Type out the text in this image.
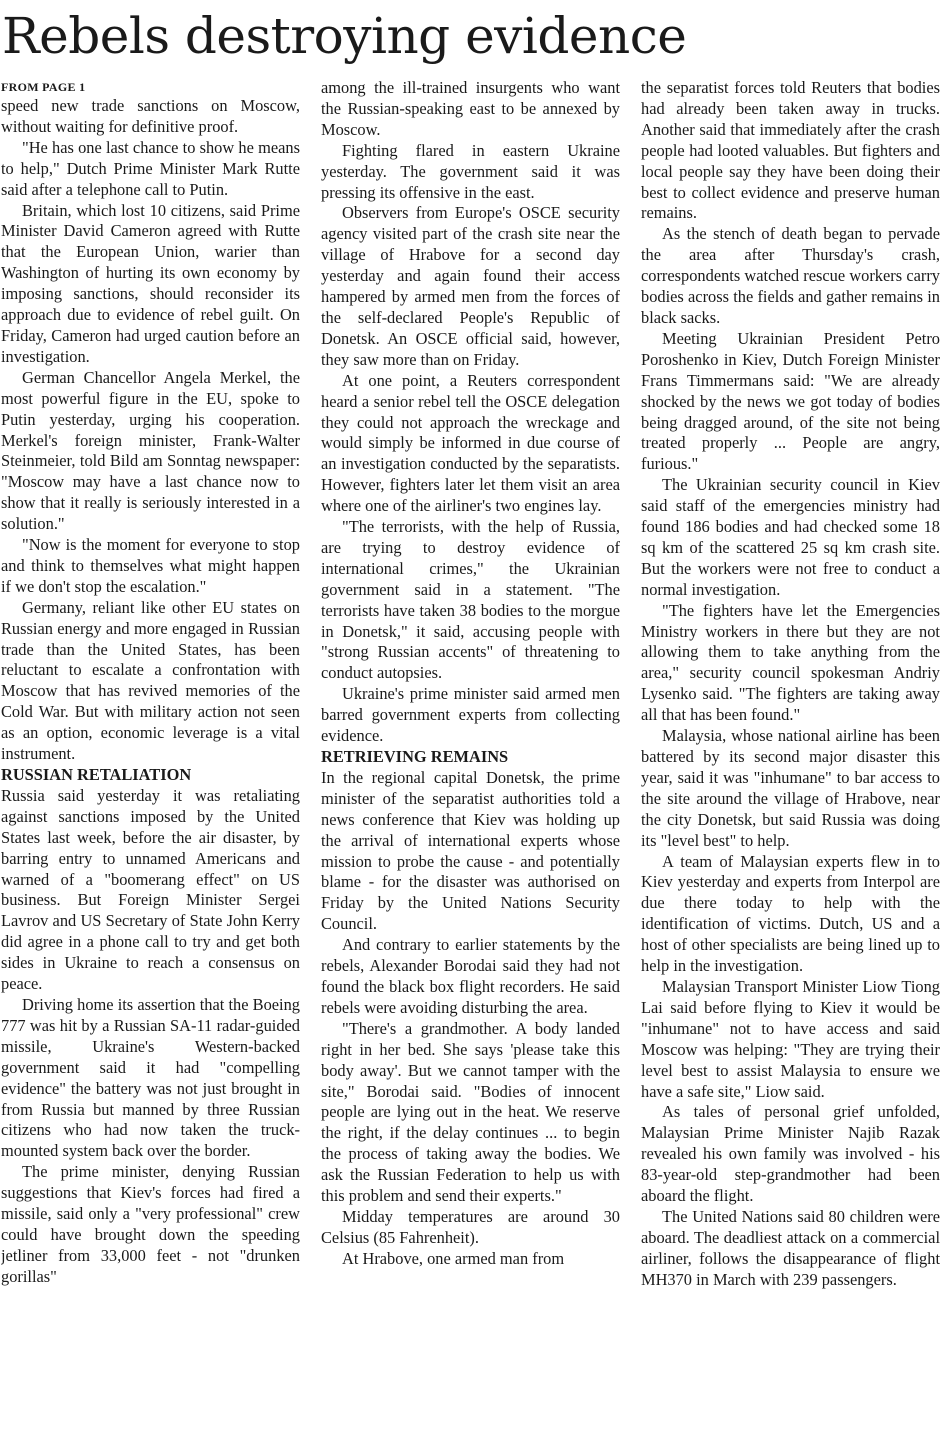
Rebels destroying evidence
FROM PAGE 1

speed new trade sanctions on Moscow, without waiting for definitive proof.

"He has one last chance to show he means to help," Dutch Prime Minister Mark Rutte said after a telephone call to Putin.

Britain, which lost 10 citizens, said Prime Minister David Cameron agreed with Rutte that the European Union, warier than Washington of hurting its own economy by imposing sanctions, should reconsider its approach due to evidence of rebel guilt. On Friday, Cameron had urged caution before an investigation.

German Chancellor Angela Merkel, the most powerful figure in the EU, spoke to Putin yesterday, urging his cooperation. Merkel's foreign minister, Frank-Walter Steinmeier, told Bild am Sonntag newspaper: "Moscow may have a last chance now to show that it really is seriously interested in a solution."

"Now is the moment for everyone to stop and think to themselves what might happen if we don't stop the escalation."

Germany, reliant like other EU states on Russian energy and more engaged in Russian trade than the United States, has been reluctant to escalate a confrontation with Moscow that has revived memories of the Cold War. But with military action not seen as an option, economic leverage is a vital instrument.

RUSSIAN RETALIATION

Russia said yesterday it was retaliating against sanctions imposed by the United States last week, before the air disaster, by barring entry to unnamed Americans and warned of a "boomerang effect" on US business. But Foreign Minister Sergei Lavrov and US Secretary of State John Kerry did agree in a phone call to try and get both sides in Ukraine to reach a consensus on peace.

Driving home its assertion that the Boeing 777 was hit by a Russian SA-11 radar-guided missile, Ukraine's Western-backed government said it had "compelling evidence" the battery was not just brought in from Russia but manned by three Russian citizens who had now taken the truck-mounted system back over the border.

The prime minister, denying Russian suggestions that Kiev's forces had fired a missile, said only a "very professional" crew could have brought down the speeding jetliner from 33,000 feet - not "drunken gorillas"

among the ill-trained insurgents who want the Russian-speaking east to be annexed by Moscow.

Fighting flared in eastern Ukraine yesterday. The government said it was pressing its offensive in the east.

Observers from Europe's OSCE security agency visited part of the crash site near the village of Hrabove for a second day yesterday and again found their access hampered by armed men from the forces of the self-declared People's Republic of Donetsk. An OSCE official said, however, they saw more than on Friday.

At one point, a Reuters correspondent heard a senior rebel tell the OSCE delegation they could not approach the wreckage and would simply be informed in due course of an investigation conducted by the separatists. However, fighters later let them visit an area where one of the airliner's two engines lay.

"The terrorists, with the help of Russia, are trying to destroy evidence of international crimes," the Ukrainian government said in a statement. "The terrorists have taken 38 bodies to the morgue in Donetsk," it said, accusing people with "strong Russian accents" of threatening to conduct autopsies.

Ukraine's prime minister said armed men barred government experts from collecting evidence.

RETRIEVING REMAINS

In the regional capital Donetsk, the prime minister of the separatist authorities told a news conference that Kiev was holding up the arrival of international experts whose mission to probe the cause - and potentially blame - for the disaster was authorised on Friday by the United Nations Security Council.

And contrary to earlier statements by the rebels, Alexander Borodai said they had not found the black box flight recorders. He said rebels were avoiding disturbing the area.

"There's a grandmother. A body landed right in her bed. She says 'please take this body away'. But we cannot tamper with the site," Borodai said. "Bodies of innocent people are lying out in the heat. We reserve the right, if the delay continues ... to begin the process of taking away the bodies. We ask the Russian Federation to help us with this problem and send their experts."

Midday temperatures are around 30 Celsius (85 Fahrenheit).

At Hrabove, one armed man from

the separatist forces told Reuters that bodies had already been taken away in trucks. Another said that immediately after the crash people had looted valuables. But fighters and local people say they have been doing their best to collect evidence and preserve human remains.

As the stench of death began to pervade the area after Thursday's crash, correspondents watched rescue workers carry bodies across the fields and gather remains in black sacks.

Meeting Ukrainian President Petro Poroshenko in Kiev, Dutch Foreign Minister Frans Timmermans said: "We are already shocked by the news we got today of bodies being dragged around, of the site not being treated properly ... People are angry, furious."

The Ukrainian security council in Kiev said staff of the emergencies ministry had found 186 bodies and had checked some 18 sq km of the scattered 25 sq km crash site. But the workers were not free to conduct a normal investigation.

"The fighters have let the Emergencies Ministry workers in there but they are not allowing them to take anything from the area," security council spokesman Andriy Lysenko said. "The fighters are taking away all that has been found."

Malaysia, whose national airline has been battered by its second major disaster this year, said it was "inhumane" to bar access to the site around the village of Hrabove, near the city Donetsk, but said Russia was doing its "level best" to help.

A team of Malaysian experts flew in to Kiev yesterday and experts from Interpol are due there today to help with the identification of victims. Dutch, US and a host of other specialists are being lined up to help in the investigation.

Malaysian Transport Minister Liow Tiong Lai said before flying to Kiev it would be "inhumane" not to have access and said Moscow was helping: "They are trying their level best to assist Malaysia to ensure we have a safe site," Liow said.

As tales of personal grief unfolded, Malaysian Prime Minister Najib Razak revealed his own family was involved - his 83-year-old step-grandmother had been aboard the flight.

The United Nations said 80 children were aboard. The deadliest attack on a commercial airliner, follows the disappearance of flight MH370 in March with 239 passengers.
